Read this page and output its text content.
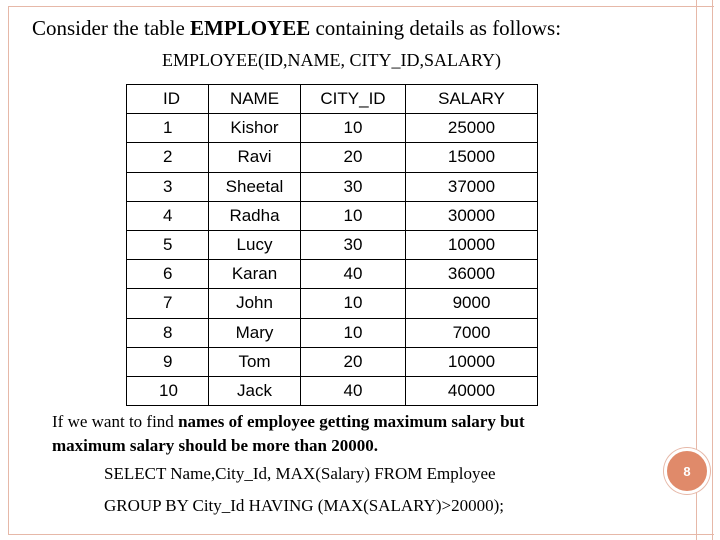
Consider the table EMPLOYEE containing details as follows:
EMPLOYEE(ID,NAME, CITY_ID,SALARY)
ID	NAME	CITY_ID	SALARY
1	Kishor	10	25000
2	Ravi	20	15000
3	Sheetal	30	37000
4	Radha	10	30000
5	Lucy	30	10000
6	Karan	40	36000
7	John	10	9000
8	Mary	10	7000
9	Tom	20	10000
10	Jack	40	40000
If we want to find names of employee getting maximum salary but
maximum salary should be more than 20000.
SELECT Name,City_Id, MAX(Salary) FROM Employee
GROUP BY City_Id HAVING (MAX(SALARY)>20000);
8
